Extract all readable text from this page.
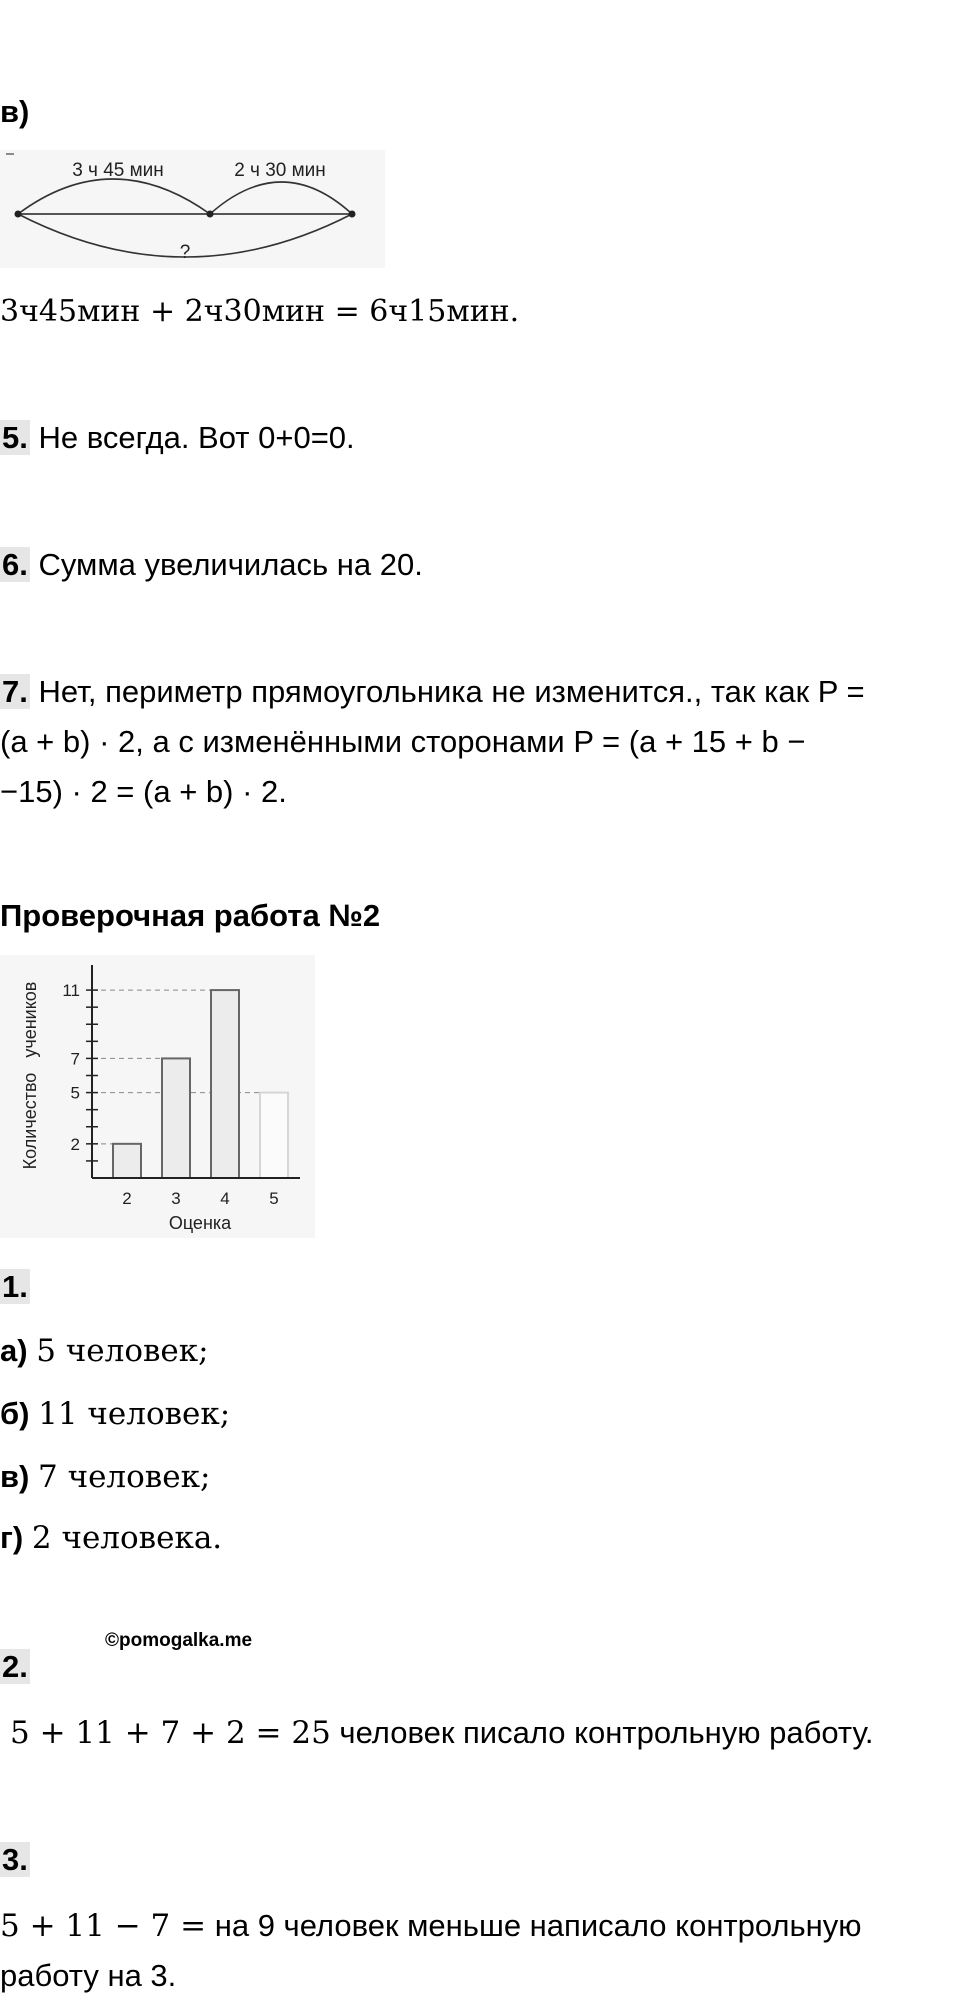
в)
3 ч 45 мин	2 ч 30 мин
?
3ч45мин + 2ч30мин = 6ч15мин.
5. Не всегда. Вот 0+0=0.
6. Сумма увеличилась на 20.
7. Нет, периметр прямоугольника не изменится., так как P =
(a + b) · 2, а с изменёнными сторонами P = (a + 15 + b −
−15) · 2 = (a + b) · 2.
Проверочная работа №2
2
5
7
11
2 3 4 5
Оценка
Количество   учеников
1.
а) 5 человек;
б) 11 человек;
в) 7 человек;
г) 2 человека.
2.
©pomogalka.me
5 + 11 + 7 + 2 = 25 человек писало контрольную работу.
3.
5 + 11 − 7 = на 9 человек меньше написало контрольную
работу на 3.
